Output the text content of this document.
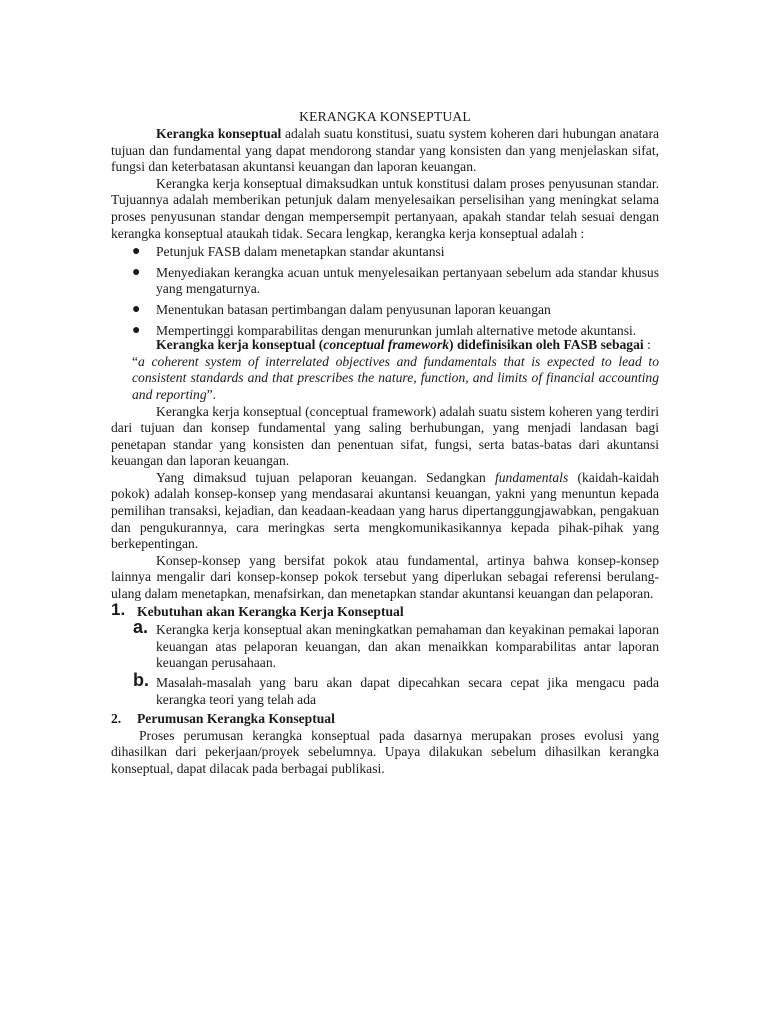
KERANGKA KONSEPTUAL

Kerangka konseptual adalah suatu konstitusi, suatu system koheren dari hubungan anatara tujuan dan fundamental yang dapat mendorong standar yang konsisten dan yang menjelaskan sifat, fungsi dan keterbatasan akuntansi keuangan dan laporan keuangan.

Kerangka kerja konseptual dimaksudkan untuk konstitusi dalam proses penyusunan standar. Tujuannya adalah memberikan petunjuk dalam menyelesaikan perselisihan yang meningkat selama proses penyusunan standar dengan mempersempit pertanyaan, apakah standar telah sesuai dengan kerangka konseptual ataukah tidak. Secara lengkap, kerangka kerja konseptual adalah :

● Petunjuk FASB dalam menetapkan standar akuntansi
● Menyediakan kerangka acuan untuk menyelesaikan pertanyaan sebelum ada standar khusus yang mengaturnya.
● Menentukan batasan pertimbangan dalam penyusunan laporan keuangan
● Mempertinggi komparabilitas dengan menurunkan jumlah alternative metode akuntansi.

Kerangka kerja konseptual (conceptual framework) didefinisikan oleh FASB sebagai :

“a coherent system of interrelated objectives and fundamentals that is expected to lead to consistent standards and that prescribes the nature, function, and limits of financial accounting and reporting”.

Kerangka kerja konseptual (conceptual framework) adalah suatu sistem koheren yang terdiri dari tujuan dan konsep fundamental yang saling berhubungan, yang menjadi landasan bagi penetapan standar yang konsisten dan penentuan sifat, fungsi, serta batas-batas dari akuntansi keuangan dan laporan keuangan.

Yang dimaksud tujuan pelaporan keuangan. Sedangkan fundamentals (kaidah-kaidah pokok) adalah konsep-konsep yang mendasarai akuntansi keuangan, yakni yang menuntun kepada pemilihan transaksi, kejadian, dan keadaan-keadaan yang harus dipertanggungjawabkan, pengakuan dan pengukurannya, cara meringkas serta mengkomunikasikannya kepada pihak-pihak yang berkepentingan.

Konsep-konsep yang bersifat pokok atau fundamental, artinya bahwa konsep-konsep lainnya mengalir dari konsep-konsep pokok tersebut yang diperlukan sebagai referensi berulang-ulang dalam menetapkan, menafsirkan, dan menetapkan standar akuntansi keuangan dan pelaporan.

1. Kebutuhan akan Kerangka Kerja Konseptual
a. Kerangka kerja konseptual akan meningkatkan pemahaman dan keyakinan pemakai laporan keuangan atas pelaporan keuangan, dan akan menaikkan komparabilitas antar laporan keuangan perusahaan.
b. Masalah-masalah yang baru akan dapat dipecahkan secara cepat jika mengacu pada kerangka teori yang telah ada
2. Perumusan Kerangka Konseptual

Proses perumusan kerangka konseptual pada dasarnya merupakan proses evolusi yang dihasilkan dari pekerjaan/proyek sebelumnya. Upaya dilakukan sebelum dihasilkan kerangka konseptual, dapat dilacak pada berbagai publikasi.
